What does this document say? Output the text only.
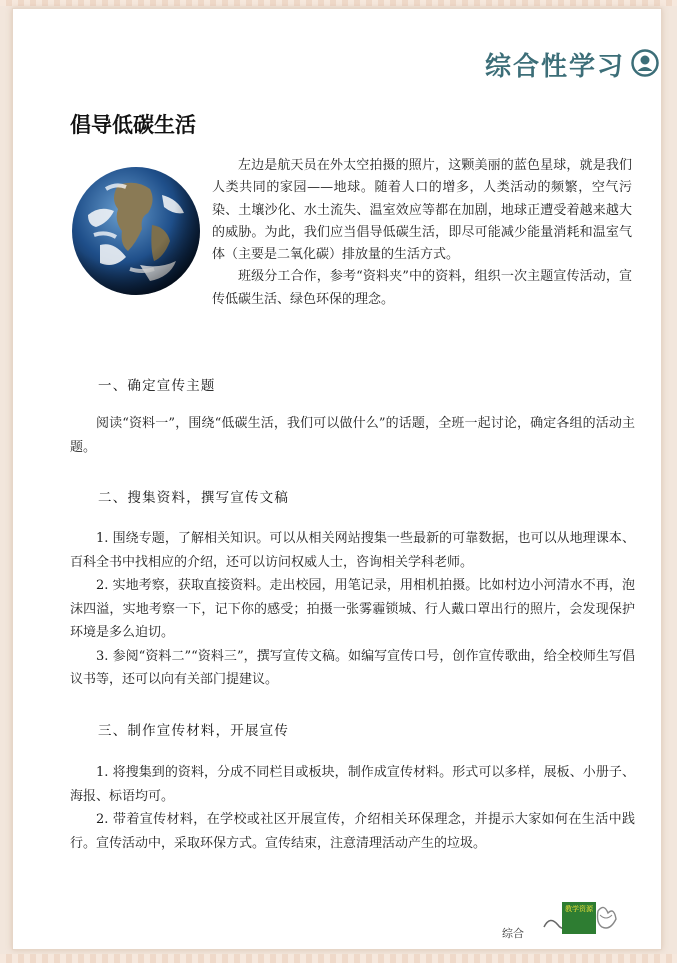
综合性学习
倡导低碳生活

左边是航天员在外太空拍摄的照片，这颗美丽的蓝色星球，就是我们人类共同的家园——地球。随着人口的增多，人类活动的频繁，空气污染、土壤沙化、水土流失、温室效应等都在加剧，地球正遭受着越来越大的威胁。为此，我们应当倡导低碳生活，即尽可能减少能量消耗和温室气体（主要是二氧化碳）排放量的生活方式。

班级分工合作，参考“资料夹”中的资料，组织一次主题宣传活动，宣传低碳生活、绿色环保的理念。

一、确定宣传主题

阅读“资料一”，围绕“低碳生活，我们可以做什么”的话题，全班一起讨论，确定各组的活动主题。

二、搜集资料，撰写宣传文稿

1. 围绕专题，了解相关知识。可以从相关网站搜集一些最新的可靠数据，也可以从地理课本、百科全书中找相应的介绍，还可以访问权威人士，咨询相关学科老师。

2. 实地考察，获取直接资料。走出校园，用笔记录，用相机拍摄。比如村边小河清水不再，泡沫四溢，实地考察一下，记下你的感受；拍摄一张雾霾锁城、行人戴口罩出行的照片，会发现保护环境是多么迫切。

3. 参阅“资料二”“资料三”，撰写宣传文稿。如编写宣传口号，创作宣传歌曲，给全校师生写倡议书等，还可以向有关部门提建议。

三、制作宣传材料，开展宣传

1. 将搜集到的资料，分成不同栏目或板块，制作成宣传材料。形式可以多样，展板、小册子、海报、标语均可。

2. 带着宣传材料，在学校或社区开展宣传，介绍相关环保理念，并提示大家如何在生活中践行。宣传活动中，采取环保方式。宣传结束，注意清理活动产生的垃圾。

综合
教学资源
